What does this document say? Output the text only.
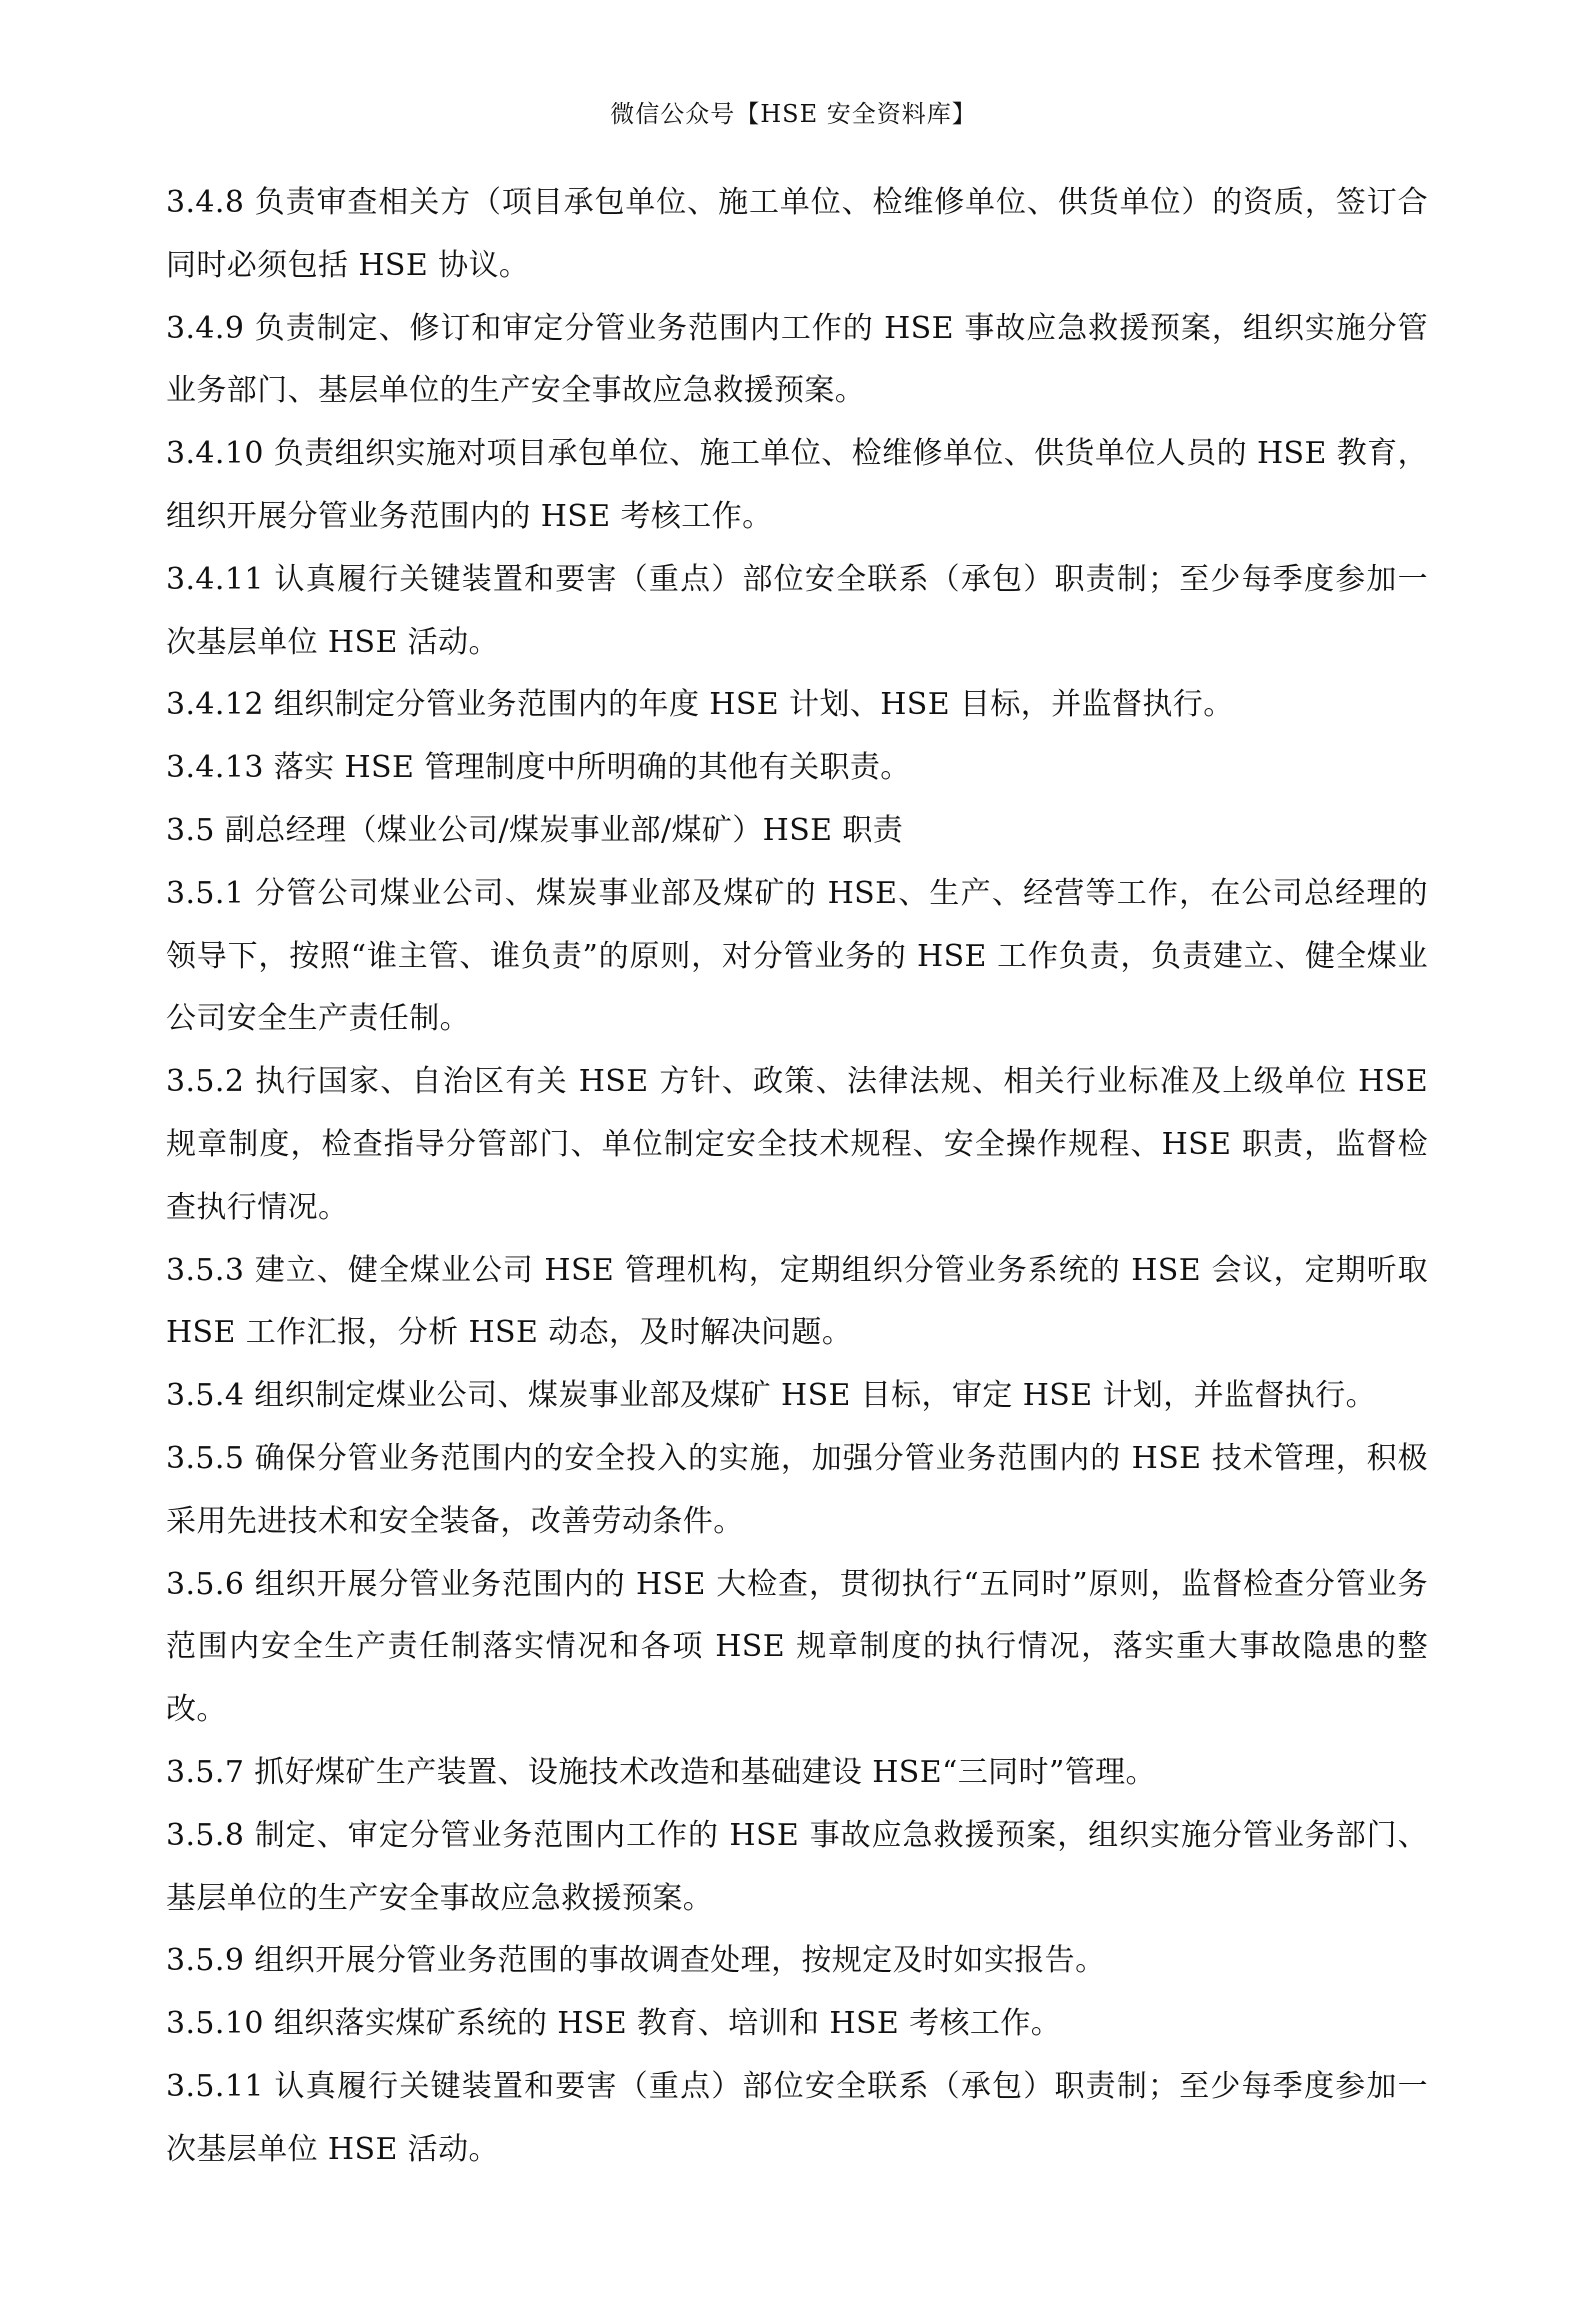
微信公众号【HSE 安全资料库】

3.4.8 负责审查相关方（项目承包单位、施工单位、检维修单位、供货单位）的资质，签订合同时必须包括 HSE 协议。

3.4.9 负责制定、修订和审定分管业务范围内工作的 HSE 事故应急救援预案，组织实施分管业务部门、基层单位的生产安全事故应急救援预案。

3.4.10 负责组织实施对项目承包单位、施工单位、检维修单位、供货单位人员的 HSE 教育，组织开展分管业务范围内的 HSE 考核工作。

3.4.11 认真履行关键装置和要害（重点）部位安全联系（承包）职责制；至少每季度参加一次基层单位 HSE 活动。

3.4.12 组织制定分管业务范围内的年度 HSE 计划、HSE 目标，并监督执行。

3.4.13 落实 HSE 管理制度中所明确的其他有关职责。

3.5 副总经理（煤业公司/煤炭事业部/煤矿）HSE 职责

3.5.1 分管公司煤业公司、煤炭事业部及煤矿的 HSE、生产、经营等工作，在公司总经理的领导下，按照“谁主管、谁负责”的原则，对分管业务的 HSE 工作负责，负责建立、健全煤业公司安全生产责任制。

3.5.2 执行国家、自治区有关 HSE 方针、政策、法律法规、相关行业标准及上级单位 HSE 规章制度，检查指导分管部门、单位制定安全技术规程、安全操作规程、HSE 职责，监督检查执行情况。

3.5.3 建立、健全煤业公司 HSE 管理机构，定期组织分管业务系统的 HSE 会议，定期听取 HSE 工作汇报，分析 HSE 动态，及时解决问题。

3.5.4 组织制定煤业公司、煤炭事业部及煤矿 HSE 目标，审定 HSE 计划，并监督执行。

3.5.5 确保分管业务范围内的安全投入的实施，加强分管业务范围内的 HSE 技术管理，积极采用先进技术和安全装备，改善劳动条件。

3.5.6 组织开展分管业务范围内的 HSE 大检查，贯彻执行“五同时”原则，监督检查分管业务范围内安全生产责任制落实情况和各项 HSE 规章制度的执行情况，落实重大事故隐患的整改。

3.5.7 抓好煤矿生产装置、设施技术改造和基础建设 HSE“三同时”管理。

3.5.8 制定、审定分管业务范围内工作的 HSE 事故应急救援预案，组织实施分管业务部门、基层单位的生产安全事故应急救援预案。

3.5.9 组织开展分管业务范围的事故调查处理，按规定及时如实报告。

3.5.10 组织落实煤矿系统的 HSE 教育、培训和 HSE 考核工作。

3.5.11 认真履行关键装置和要害（重点）部位安全联系（承包）职责制；至少每季度参加一次基层单位 HSE 活动。
